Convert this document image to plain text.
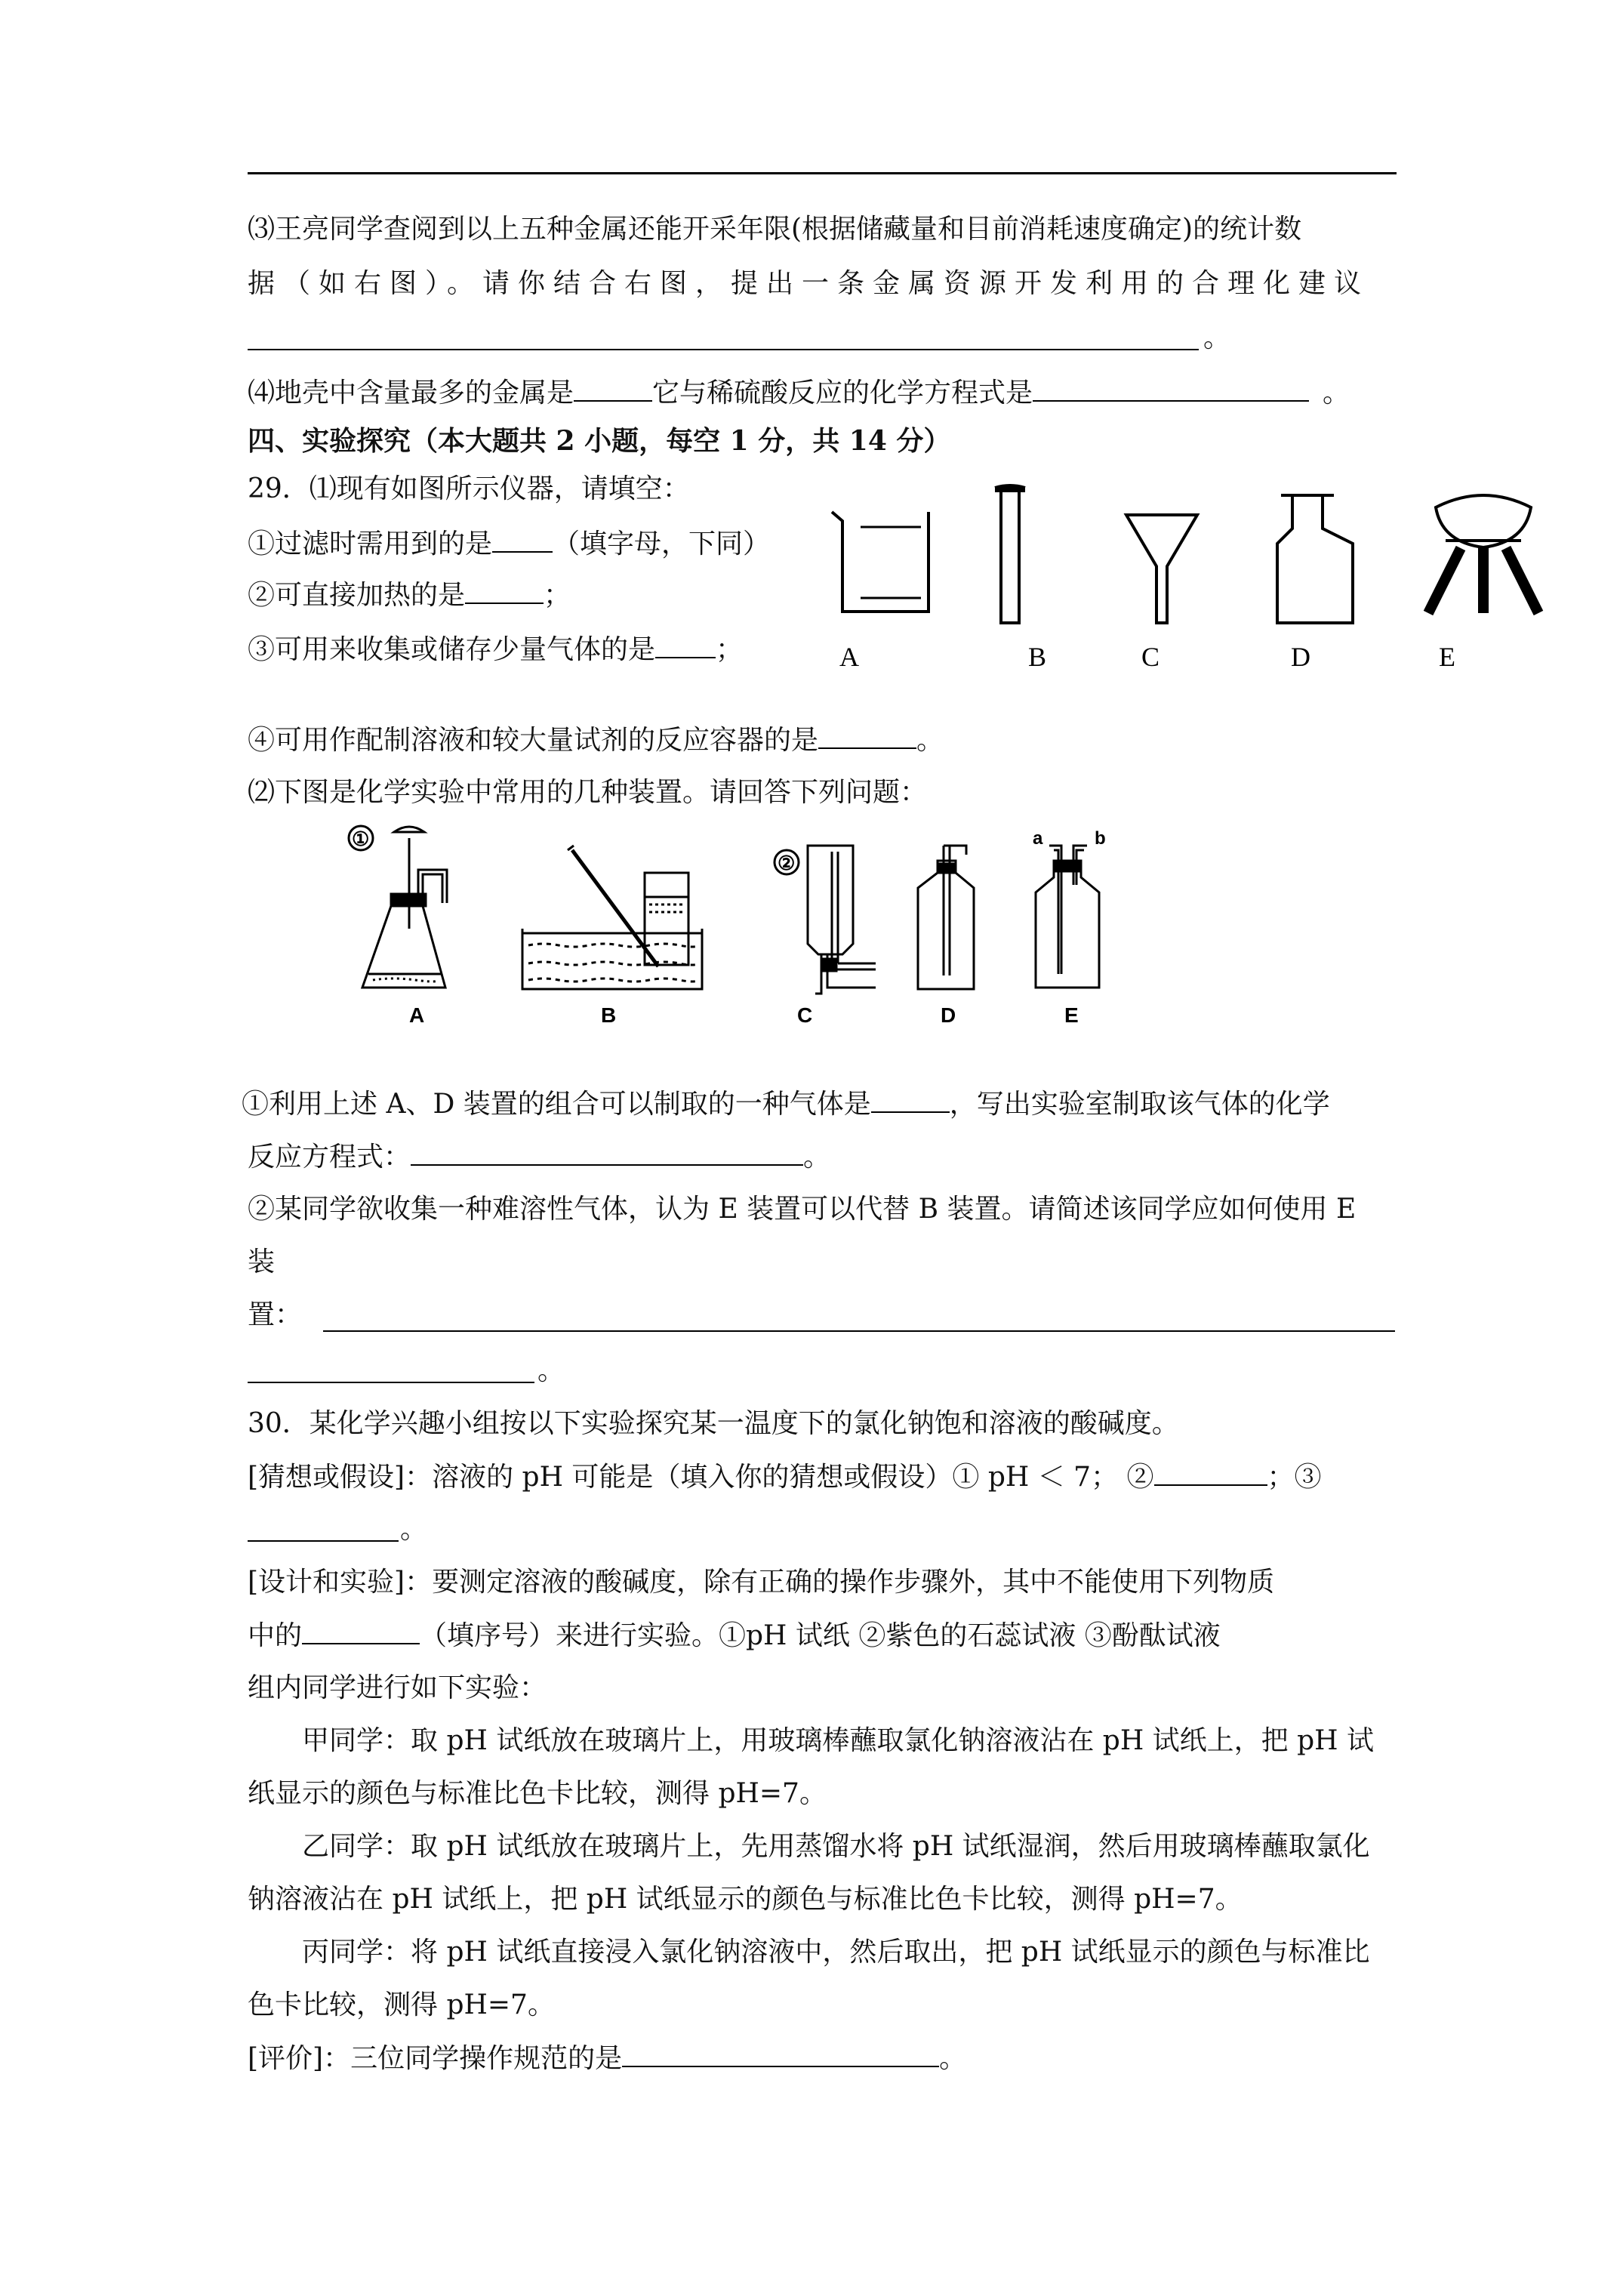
⑶王亮同学查阅到以上五种金属还能开采年限(根据储藏量和目前消耗速度确定)的统计数
据（如右图）。请你结合右图，提出一条金属资源开发利用的合理化建议
。
⑷地壳中含量最多的金属是	它与稀硫酸反应的化学方程式是	。
四、实验探究（本大题共 2 小题，每空 1 分，共 14 分）
29．⑴现有如图所示仪器，请填空：
①过滤时需用到的是 （填字母，下同）
②可直接加热的是	；
③可用来收集或储存少量气体的是 ；	A	B	C	D	E
④可用作配制溶液和较大量试剂的反应容器的是	。
⑵下图是化学实验中常用的几种装置。请回答下列问题：
①
②
a	b
A	B	C	D	E
①利用上述 A、D 装置的组合可以制取的一种气体是	，写出实验室制取该气体的化学
反应方程式：	。
②某同学欲收集一种难溶性气体，认为 E 装置可以代替 B 装置。请简述该同学应如何使用 E
装
置：
。
30．某化学兴趣小组按以下实验探究某一温度下的氯化钠饱和溶液的酸碱度。
[猜想或假设]：溶液的 pH 可能是（填入你的猜想或假设）① pH ＜ 7； ②	；③
。
[设计和实验]：要测定溶液的酸碱度，除有正确的操作步骤外，其中不能使用下列物质
中的	（填序号）来进行实验。①pH 试纸 ②紫色的石蕊试液 ③酚酞试液
组内同学进行如下实验：
甲同学：取 pH 试纸放在玻璃片上，用玻璃棒蘸取氯化钠溶液沾在 pH 试纸上，把 pH 试
纸显示的颜色与标准比色卡比较，测得 pH=7。
乙同学：取 pH 试纸放在玻璃片上，先用蒸馏水将 pH 试纸湿润，然后用玻璃棒蘸取氯化
钠溶液沾在 pH 试纸上，把 pH 试纸显示的颜色与标准比色卡比较，测得 pH=7。
丙同学：将 pH 试纸直接浸入氯化钠溶液中，然后取出，把 pH 试纸显示的颜色与标准比
色卡比较，测得 pH=7。
[评价]：三位同学操作规范的是	。
